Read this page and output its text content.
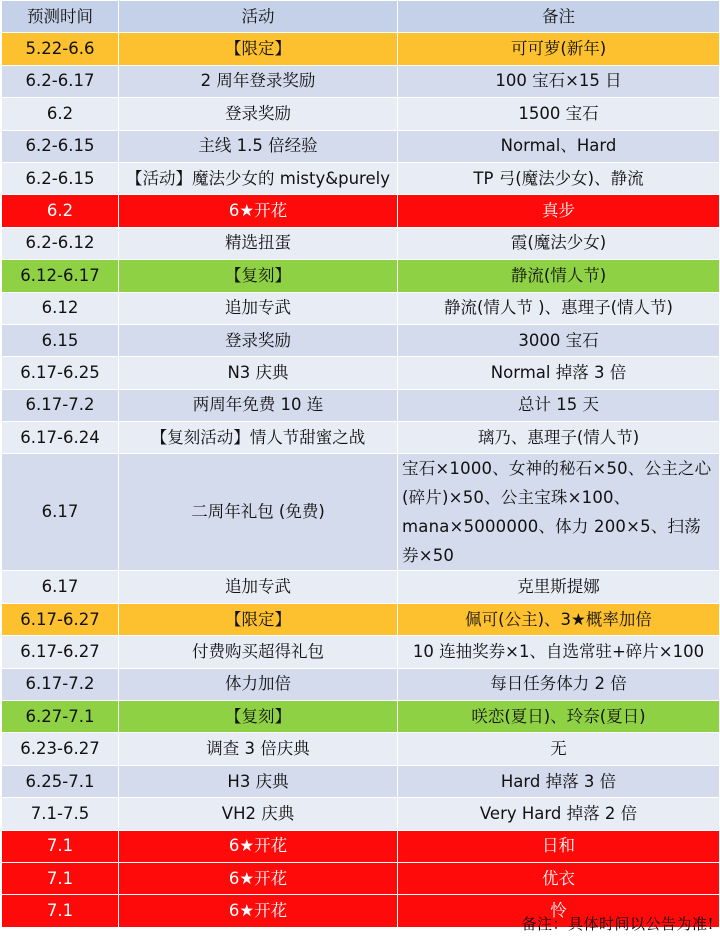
预测时间	活动	备注
5.22-6.6	【限定】	可可萝(新年)
6.2-6.17	2 周年登录奖励	100 宝石×15 日
6.2	登录奖励	1500 宝石
6.2-6.15	主线 1.5 倍经验	Normal、Hard
6.2-6.15	【活动】魔法少女的 misty&purely	TP 弓(魔法少女)、静流
6.2	6★开花	真步
6.2-6.12	精选扭蛋	霞(魔法少女)
6.12-6.17	【复刻】	静流(情人节)
6.12	追加专武	静流(情人节 )、惠理子(情人节)
6.15	登录奖励	3000 宝石
6.17-6.25	N3 庆典	Normal 掉落 3 倍
6.17-7.2	两周年免费 10 连	总计 15 天
6.17-6.24	【复刻活动】情人节甜蜜之战	璃乃、惠理子(情人节)
6.17	二周年礼包 (免费)	宝石×1000、女神的秘石×50、公主之心(碎片)×50、公主宝珠×100、mana×5000000、体力 200×5、扫荡券×50
6.17	追加专武	克里斯提娜
6.17-6.27	【限定】	佩可(公主)、3★概率加倍
6.17-6.27	付费购买超得礼包	10 连抽奖券×1、自选常驻+碎片×100
6.17-7.2	体力加倍	每日任务体力 2 倍
6.27-7.1	【复刻】	咲恋(夏日)、玲奈(夏日)
6.23-6.27	调查 3 倍庆典	无
6.25-7.1	H3 庆典	Hard 掉落 3 倍
7.1-7.5	VH2 庆典	Very Hard 掉落 2 倍
7.1	6★开花	日和
7.1	6★开花	优衣
7.1	6★开花	怜
备注：具体时间以公告为准!
